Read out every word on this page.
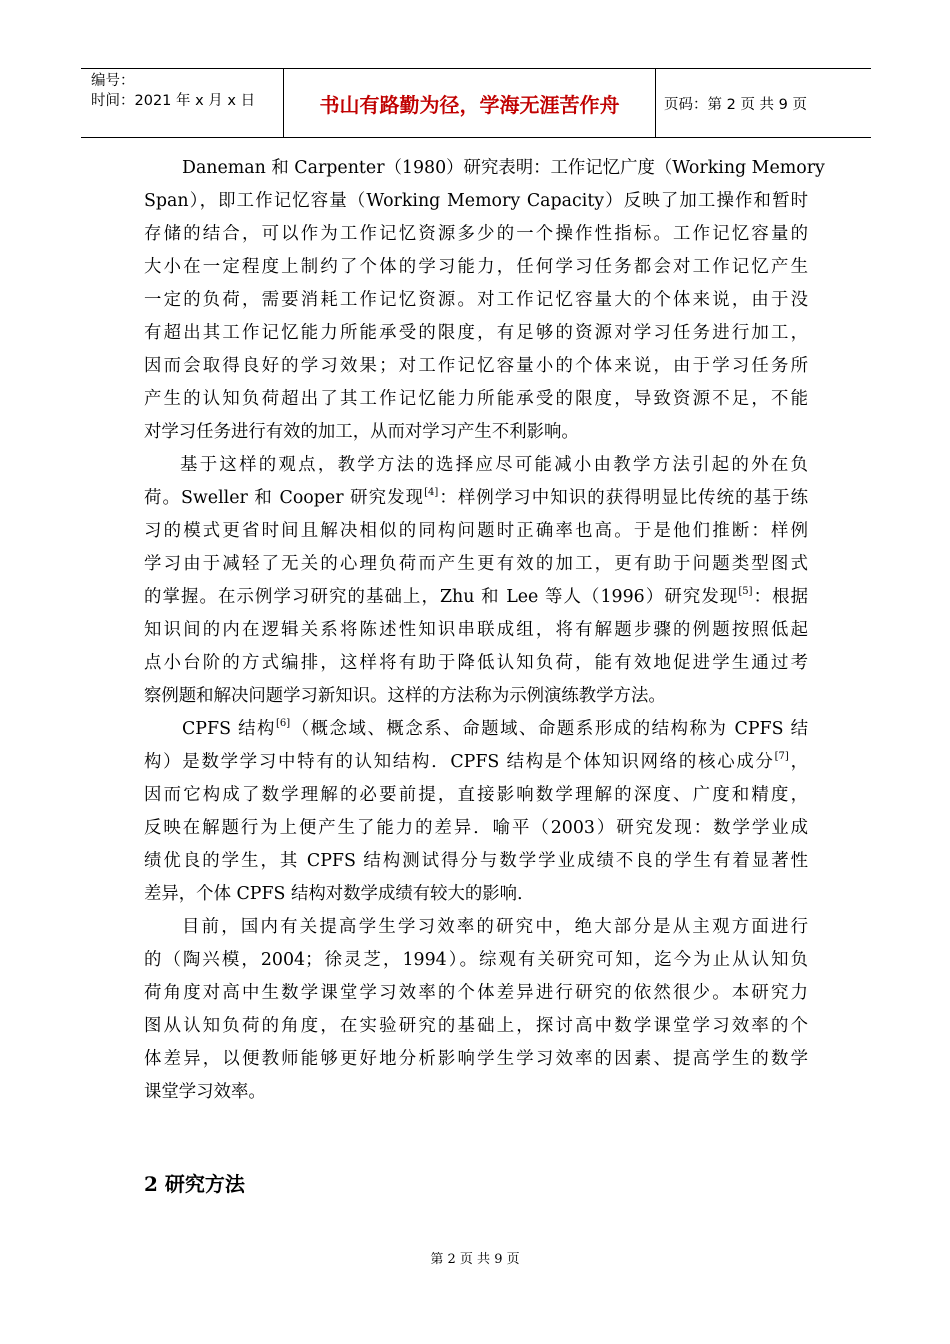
编号：
时间：2021 年 x 月 x 日	书山有路勤为径，学海无涯苦作舟	页码：第 2 页 共 9 页
Daneman 和 Carpenter（1980）研究表明：工作记忆广度（Working Memory
Span），即工作记忆容量（Working Memory Capacity）反映了加工操作和暂时
存储的结合，可以作为工作记忆资源多少的一个操作性指标。工作记忆容量的
大小在一定程度上制约了个体的学习能力，任何学习任务都会对工作记忆产生
一定的负荷，需要消耗工作记忆资源。对工作记忆容量大的个体来说，由于没
有超出其工作记忆能力所能承受的限度，有足够的资源对学习任务进行加工，
因而会取得良好的学习效果；对工作记忆容量小的个体来说，由于学习任务所
产生的认知负荷超出了其工作记忆能力所能承受的限度，导致资源不足，不能
对学习任务进行有效的加工，从而对学习产生不利影响。
基于这样的观点，教学方法的选择应尽可能减小由教学方法引起的外在负
荷。Sweller 和 Cooper 研究发现[4]：样例学习中知识的获得明显比传统的基于练
习的模式更省时间且解决相似的同构问题时正确率也高。于是他们推断：样例
学习由于减轻了无关的心理负荷而产生更有效的加工，更有助于问题类型图式
的掌握。在示例学习研究的基础上，Zhu 和 Lee 等人（1996）研究发现[5]：根据
知识间的内在逻辑关系将陈述性知识串联成组，将有解题步骤的例题按照低起
点小台阶的方式编排，这样将有助于降低认知负荷，能有效地促进学生通过考
察例题和解决问题学习新知识。这样的方法称为示例演练教学方法。
CPFS 结构[6]（概念域、概念系、命题域、命题系形成的结构称为 CPFS 结
构）是数学学习中特有的认知结构．CPFS 结构是个体知识网络的核心成分[7]，
因而它构成了数学理解的必要前提，直接影响数学理解的深度、广度和精度，
反映在解题行为上便产生了能力的差异．喻平（2003）研究发现：数学学业成
绩优良的学生，其 CPFS 结构测试得分与数学学业成绩不良的学生有着显著性
差异，个体 CPFS 结构对数学成绩有较大的影响．
目前，国内有关提高学生学习效率的研究中，绝大部分是从主观方面进行
的（陶兴模，2004；徐灵芝，1994）。综观有关研究可知，迄今为止从认知负
荷角度对高中生数学课堂学习效率的个体差异进行研究的依然很少。本研究力
图从认知负荷的角度，在实验研究的基础上，探讨高中数学课堂学习效率的个
体差异，以便教师能够更好地分析影响学生学习效率的因素、提高学生的数学
课堂学习效率。
2 研究方法
第 2 页 共 9 页
